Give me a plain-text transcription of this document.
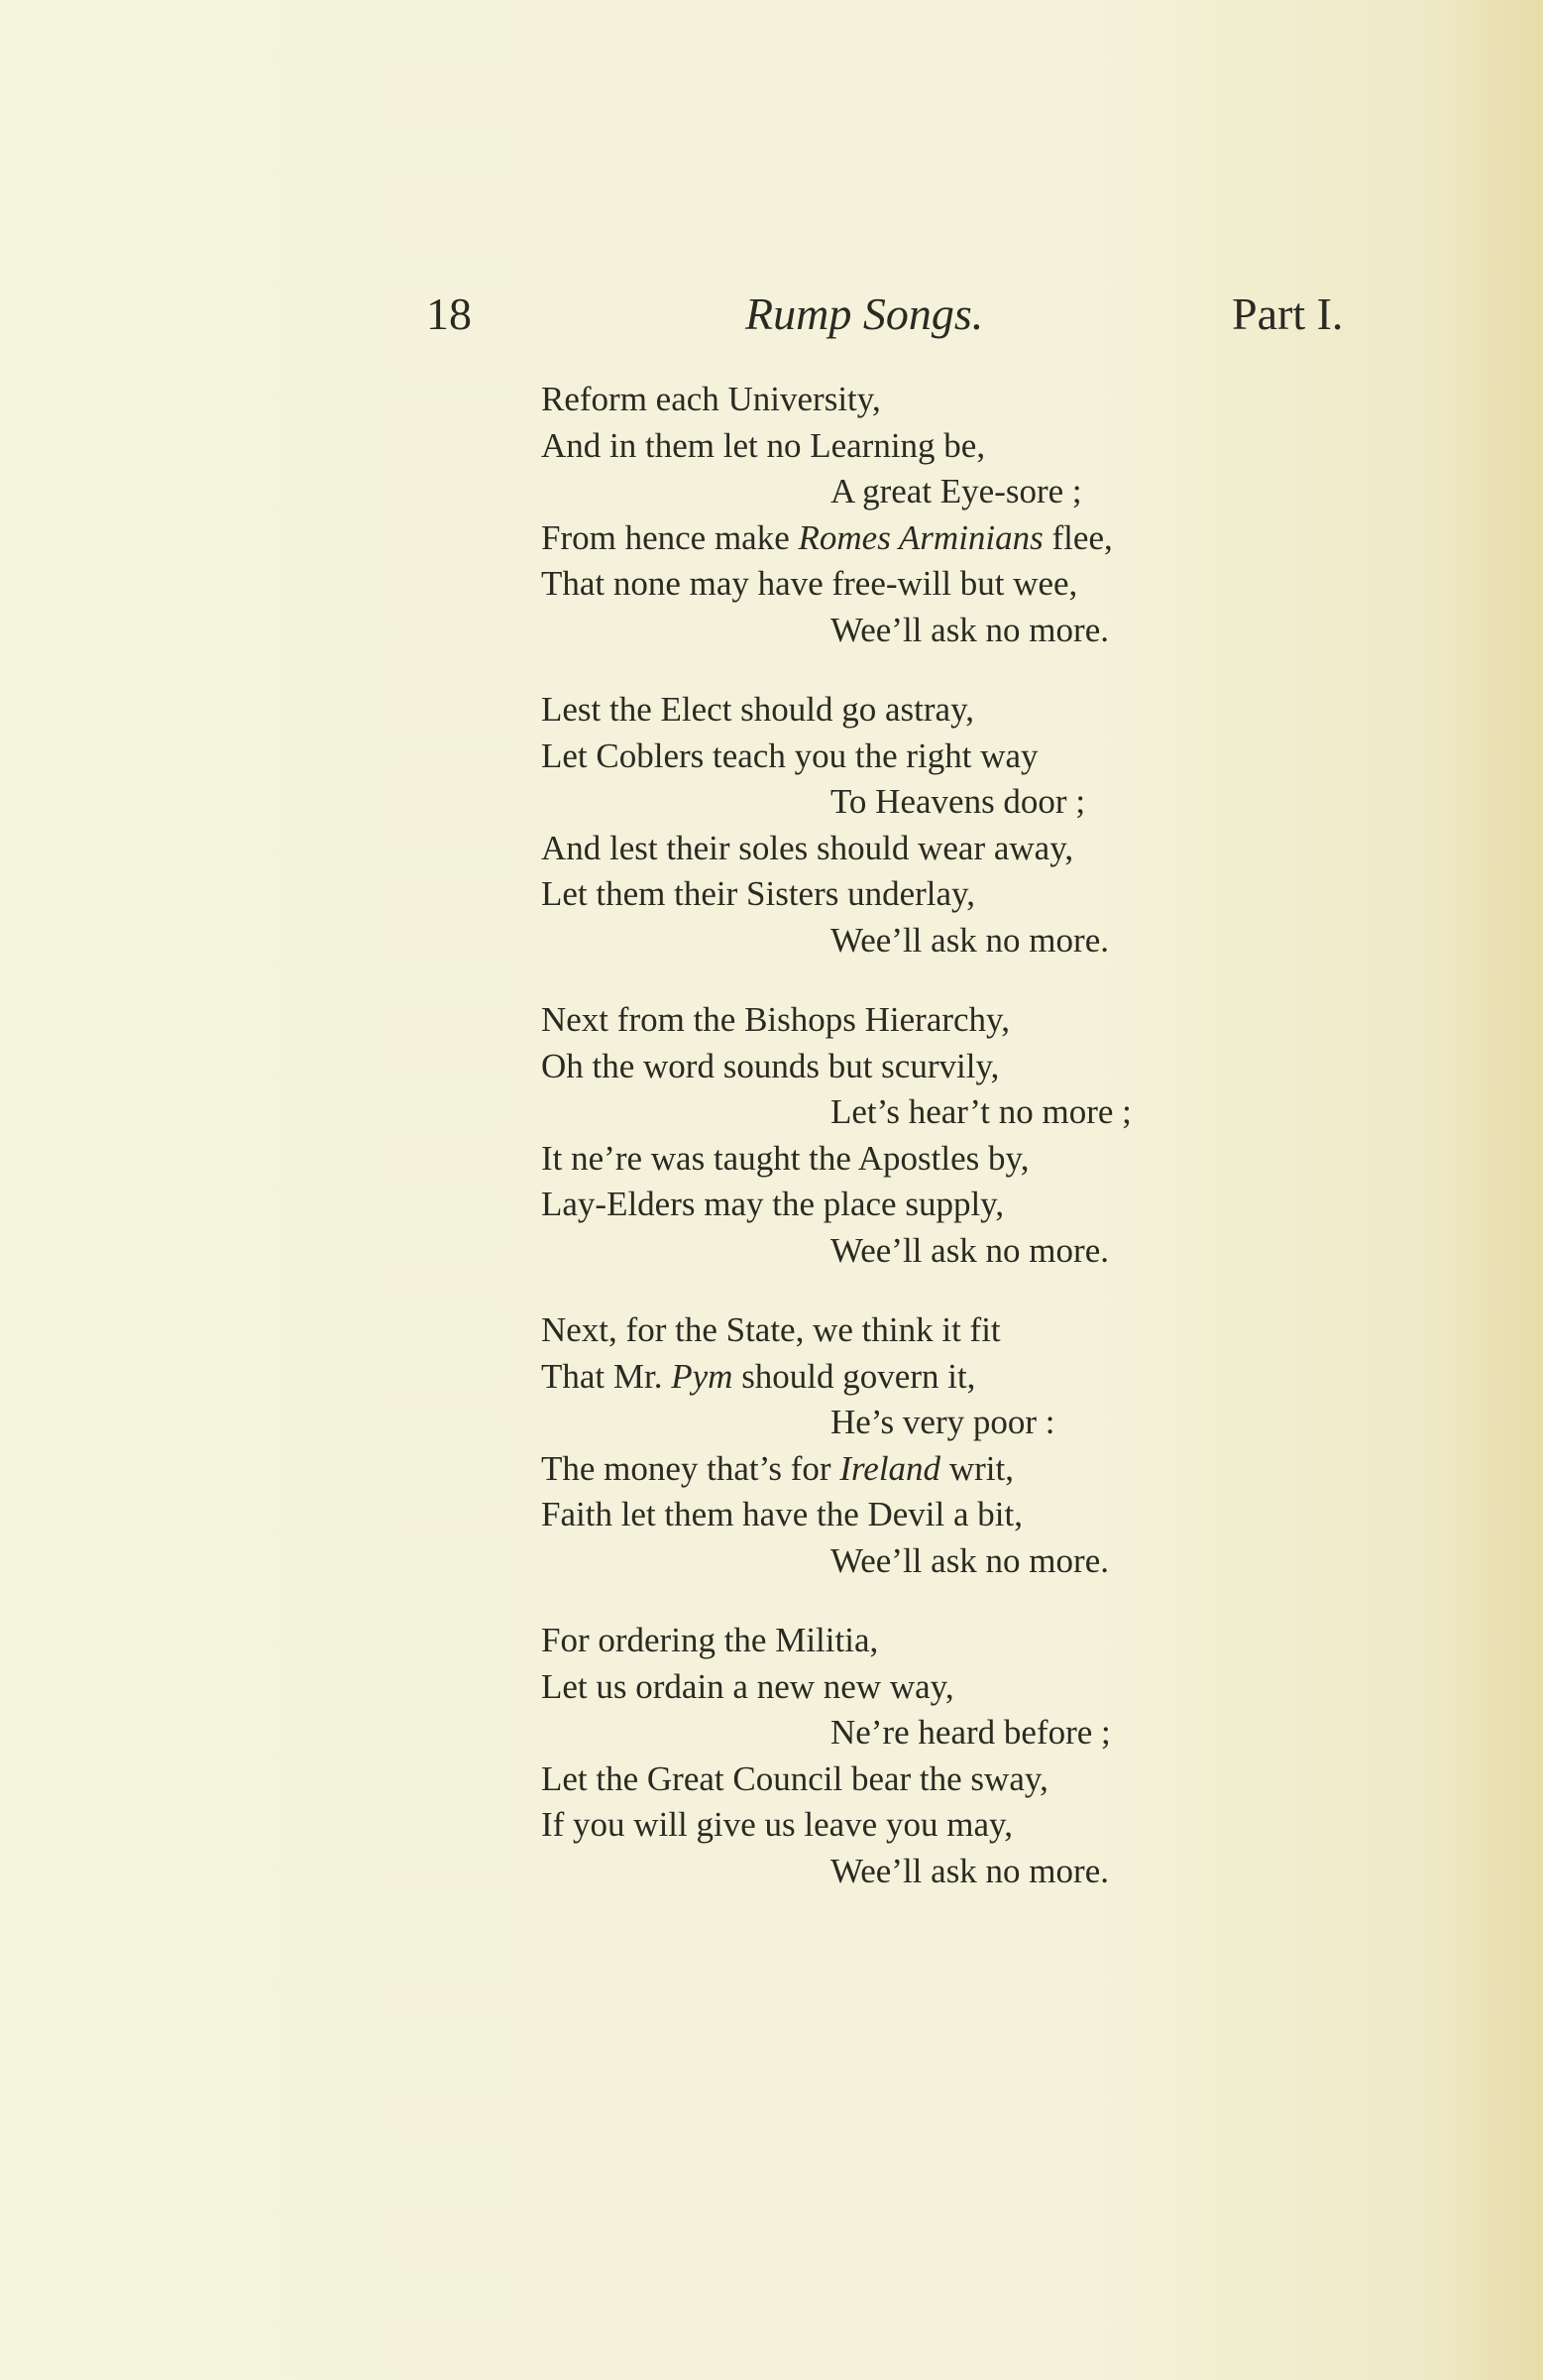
18	Rump Songs.	Part I.
Reform each University,
And in them let no Learning be,
A great Eye-sore ;
From hence make Romes Arminians flee,
That none may have free-will but wee,
Wee’ll ask no more.
Lest the Elect should go astray,
Let Coblers teach you the right way
To Heavens door ;
And lest their soles should wear away,
Let them their Sisters underlay,
Wee’ll ask no more.
Next from the Bishops Hierarchy,
Oh the word sounds but scurvily,
Let’s hear’t no more ;
It ne’re was taught the Apostles by,
Lay-Elders may the place supply,
Wee’ll ask no more.
Next, for the State, we think it fit
That Mr. Pym should govern it,
He’s very poor :
The money that’s for Ireland writ,
Faith let them have the Devil a bit,
Wee’ll ask no more.
For ordering the Militia,
Let us ordain a new new way,
Ne’re heard before ;
Let the Great Council bear the sway,
If you will give us leave you may,
Wee’ll ask no more.
